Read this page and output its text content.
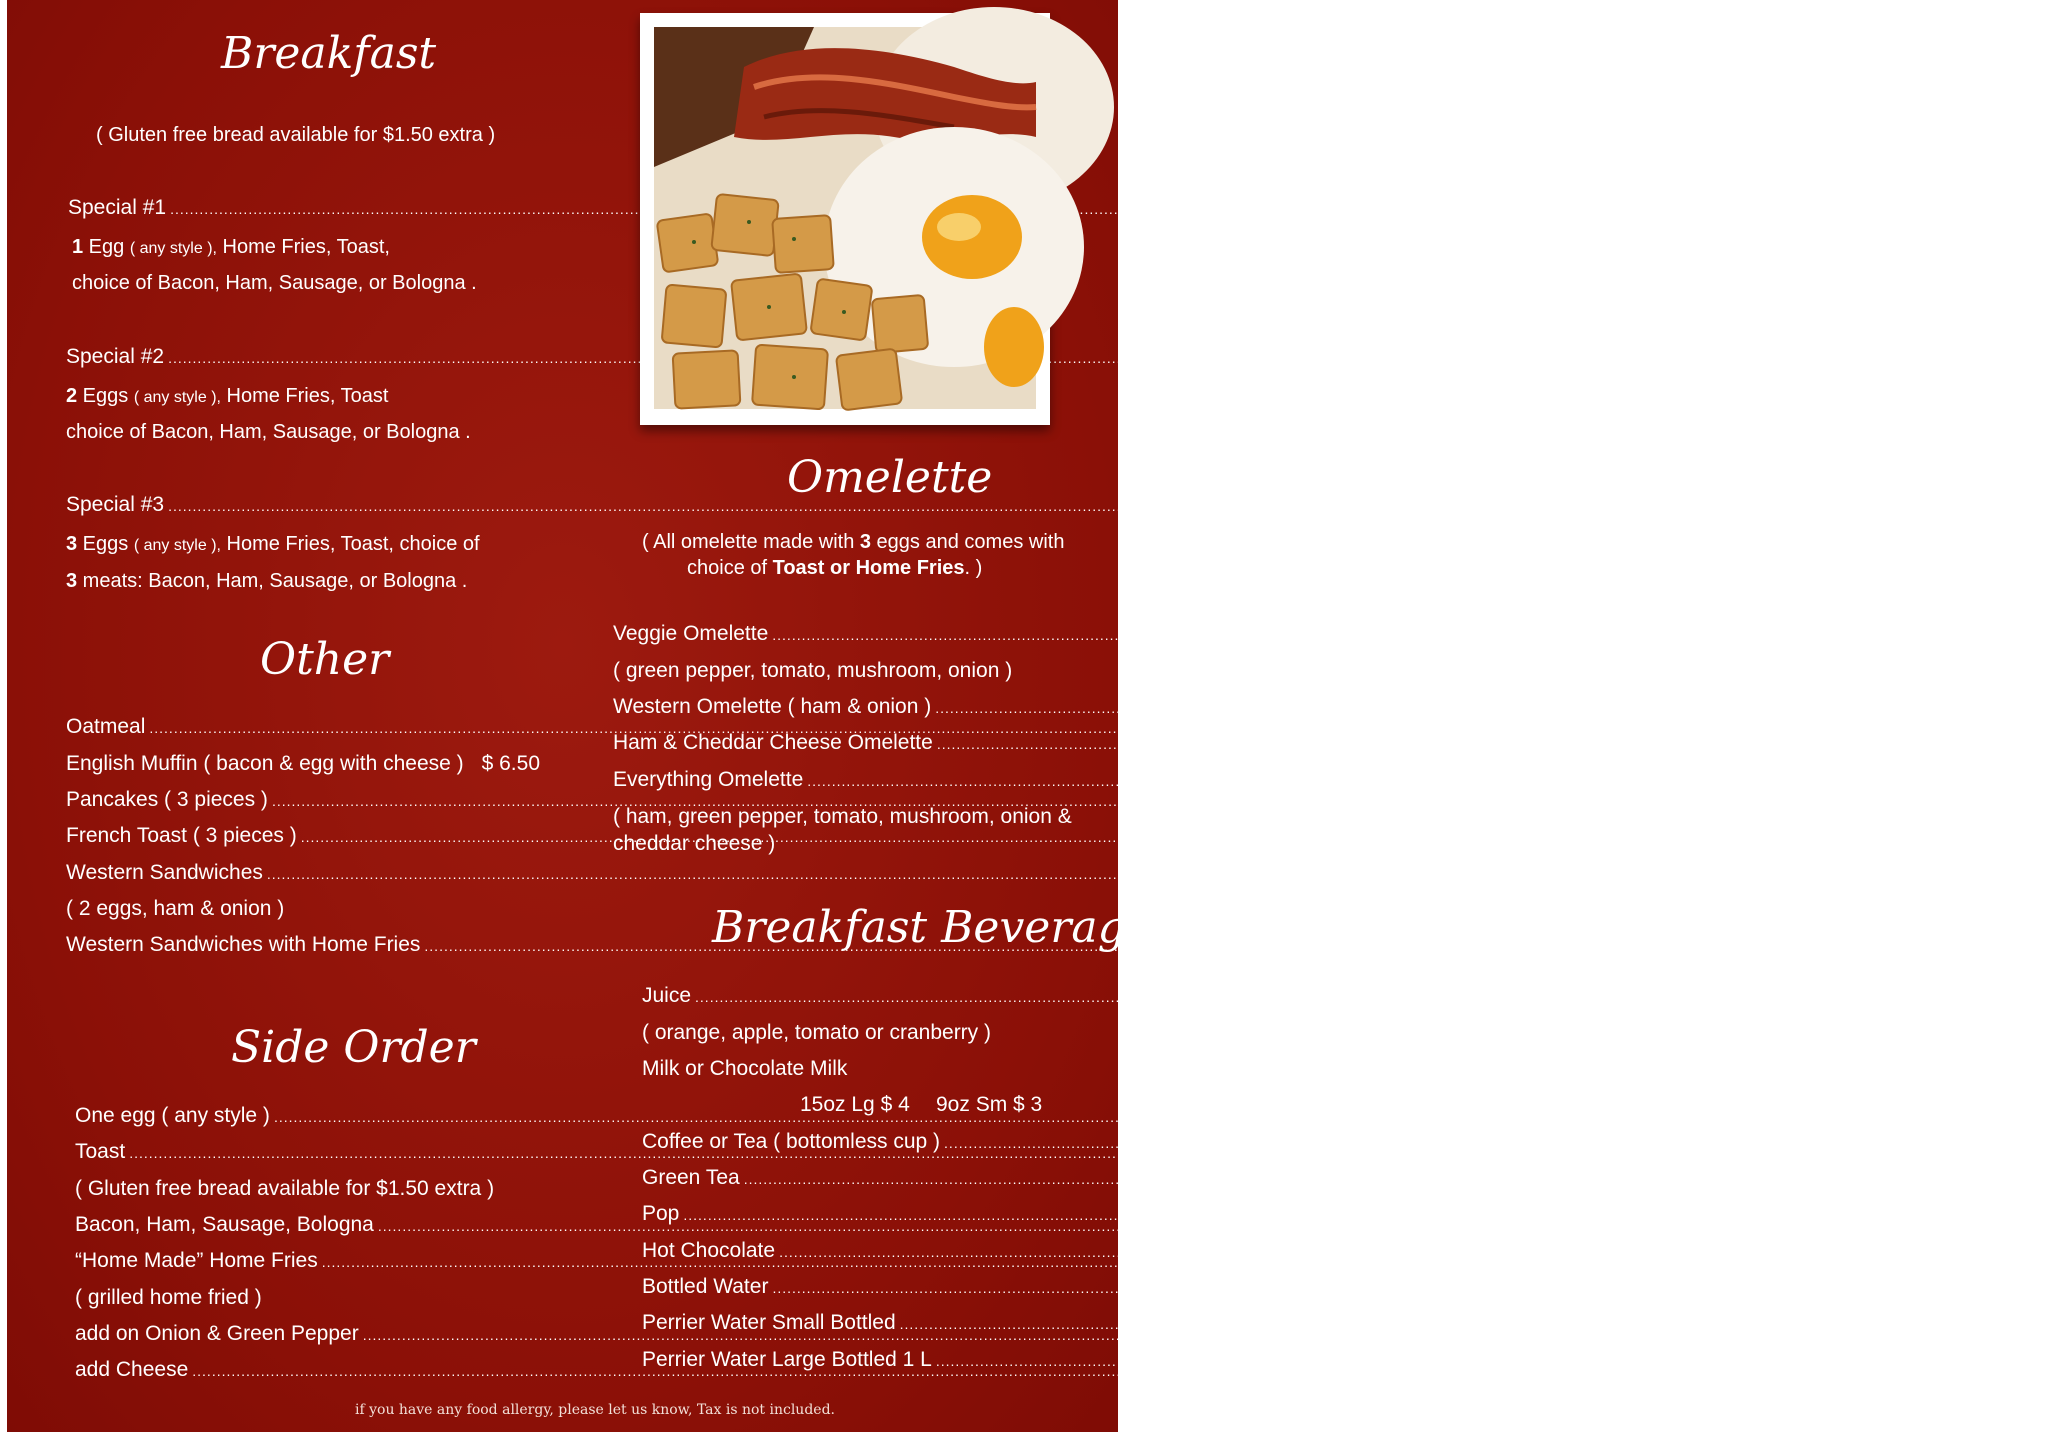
Breakfast
( Gluten free bread available for $1.50 extra )
Special #1 .....	$ 9.50
1 Egg ( any style ), Home Fries, Toast,
choice of Bacon, Ham, Sausage, or Bologna .
Special #2 .....	$ 10.50
2 Eggs ( any style ), Home Fries, Toast
choice of Bacon, Ham, Sausage, or Bologna .
Special #3 .....	$ 17
3 Eggs ( any style ), Home Fries, Toast, choice of
3 meats: Bacon, Ham, Sausage, or Bologna .
Other
Oatmeal .....	$ 7.50
English Muffin ( bacon & egg with cheese ) $ 6.50
Pancakes ( 3 pieces ) .....	$ 8
French Toast ( 3 pieces ) .....	$ 8
Western Sandwiches .....	$ 9
( 2 eggs, ham & onion )
Western Sandwiches with Home Fries .....	$ 12
Side Order
One egg ( any style ) .....	$ 2
Toast .....	$ 3
( Gluten free bread available for $1.50 extra )
Bacon, Ham, Sausage, Bologna .....	$ 5
“Home Made” Home Fries .....	$ 5
( grilled home fried )
add on Onion & Green Pepper .....	$ 1.50
add Cheese .....	$ 2
Omelette
( All omelette made with 3 eggs and comes with
choice of Toast or Home Fries. )
Veggie Omelette .....	$ 12.75
( green pepper, tomato, mushroom, onion )
Western Omelette ( ham & onion ) .....	$ 12.75
Ham & Cheddar Cheese Omelette .....	$ 12.75
Everything Omelette .....	$ 15.50
( ham, green pepper, tomato, mushroom, onion &
cheddar cheese )
Breakfast Beverages
Juice .....	15oz Lg $ 4 9oz Sm $ 3
( orange, apple, tomato or cranberry )
Milk or Chocolate Milk
15oz Lg $ 4 9oz Sm $ 3
Coffee or Tea ( bottomless cup ) .....	$ 2.50
Green Tea .....	$ 2.50
Pop .....	$ 2.75
Hot Chocolate .....	$ 4
Bottled Water .....	$ 2.25
Perrier Water Small Bottled .....	$ 3.00
Perrier Water Large Bottled 1 L .....	$ 5.50
if you have any food allergy, please let us know, Tax is not included.
